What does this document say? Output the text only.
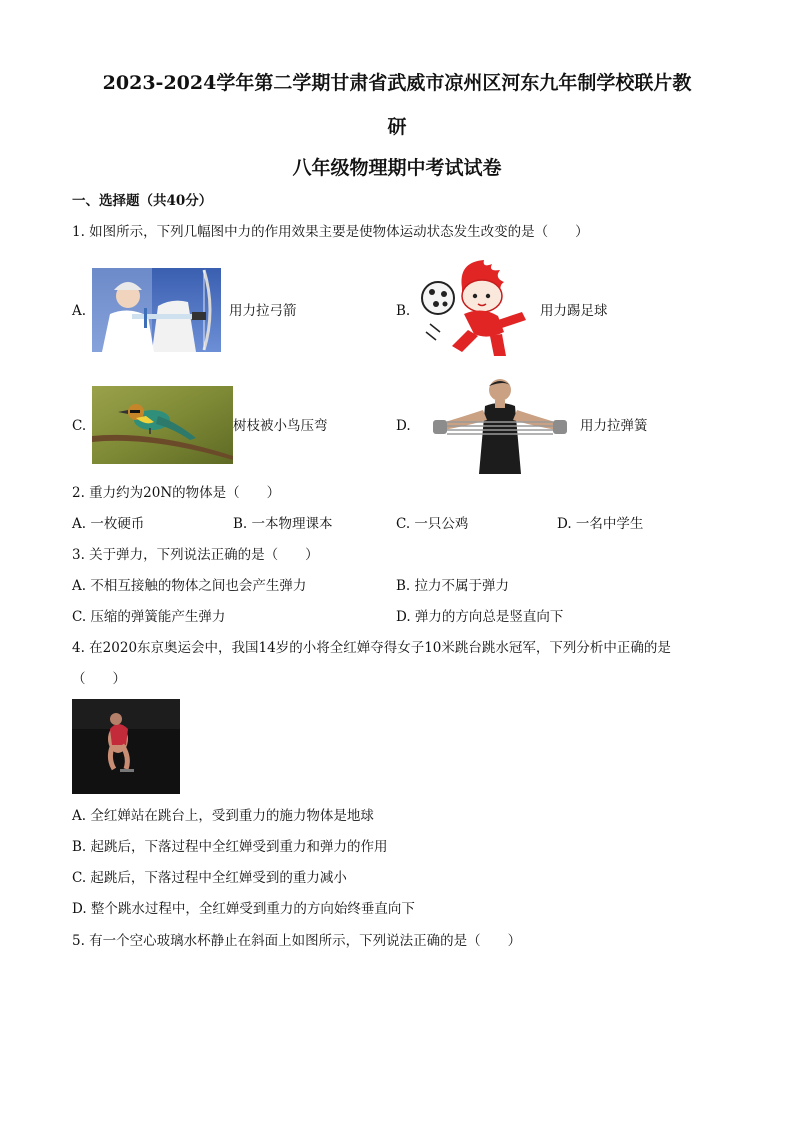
2023-2024学年第二学期甘肃省武威市凉州区河东九年制学校联片教
研
八年级物理期中考试试卷
一、选择题（共40分）
1. 如图所示，下列几幅图中力的作用效果主要是使物体运动状态发生改变的是（　　）
A.	用力拉弓箭	B.	用力踢足球
C.	树枝被小鸟压弯	D.	用力拉弹簧
2. 重力约为20N的物体是（　　）
A. 一枚硬币	B. 一本物理课本	C. 一只公鸡	D. 一名中学生
3. 关于弹力，下列说法正确的是（　　）
A. 不相互接触的物体之间也会产生弹力	B. 拉力不属于弹力
C. 压缩的弹簧能产生弹力	D. 弹力的方向总是竖直向下
4. 在2020东京奥运会中，我国14岁的小将全红婵夺得女子10米跳台跳水冠军，下列分析中正确的是
（　　）
A. 全红婵站在跳台上，受到重力的施力物体是地球
B. 起跳后，下落过程中全红婵受到重力和弹力的作用
C. 起跳后，下落过程中全红婵受到的重力减小
D. 整个跳水过程中，全红婵受到重力的方向始终垂直向下
5. 有一个空心玻璃水杯静止在斜面上如图所示，下列说法正确的是（　　）
